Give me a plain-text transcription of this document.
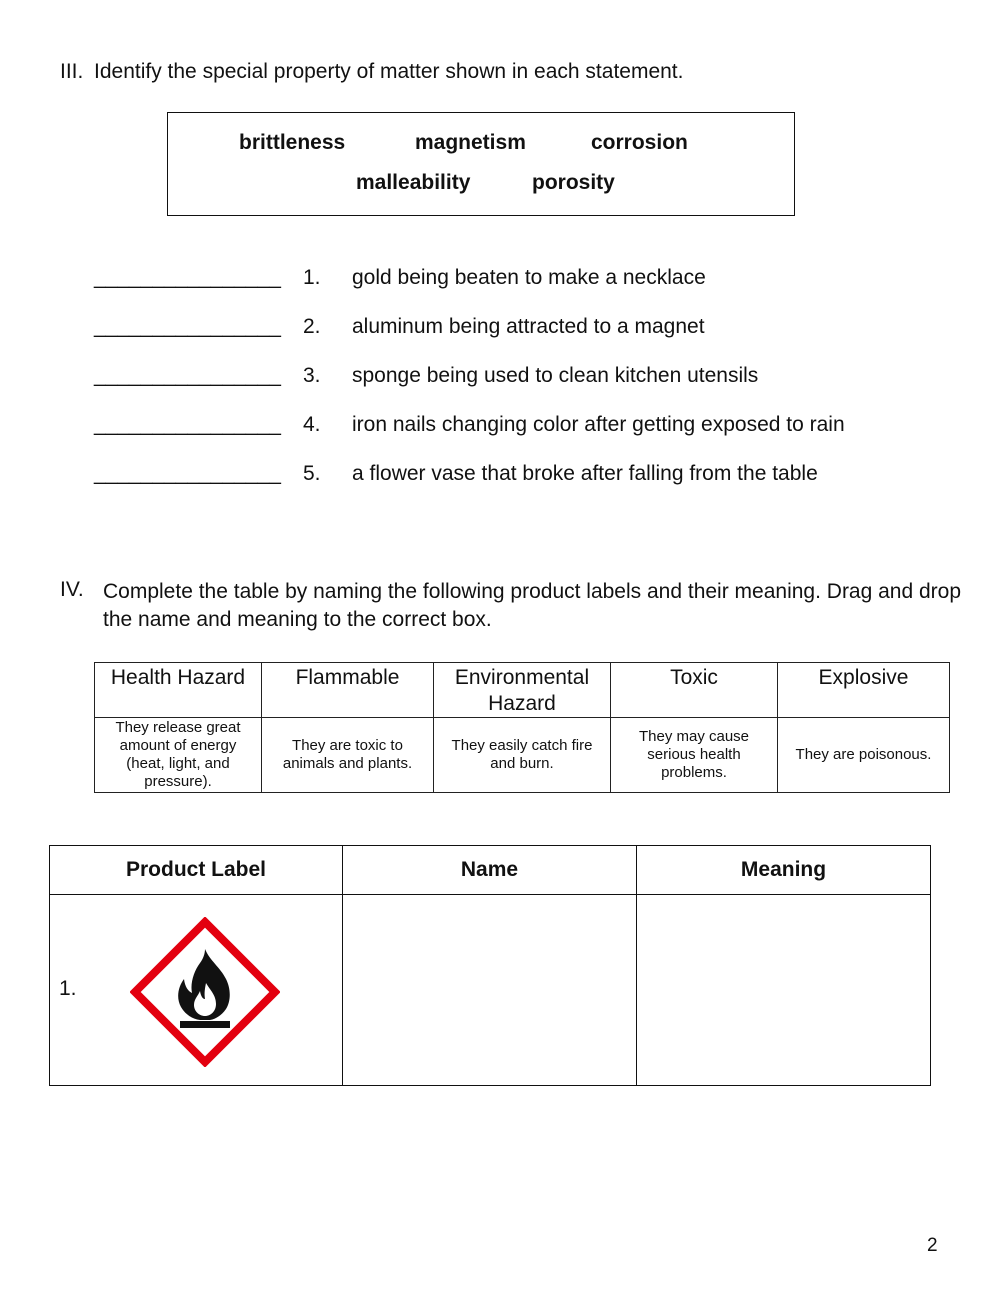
III. Identify the special property of matter shown in each statement.
brittleness	magnetism	corrosion
malleability	porosity
________________ 1. gold being beaten to make a necklace
________________ 2. aluminum being attracted to a magnet
________________ 3. sponge being used to clean kitchen utensils
________________ 4. iron nails changing color after getting exposed to rain
________________ 5. a flower vase that broke after falling from the table
IV. Complete the table by naming the following product labels and their meaning. Drag and drop the name and meaning to the correct box.
Health Hazard	Flammable	Environmental Hazard	Toxic	Explosive
They release great amount of energy (heat, light, and pressure).	They are toxic to animals and plants.	They easily catch fire and burn.	They may cause serious health problems.	They are poisonous.
Product Label	Name	Meaning

1.		

2
